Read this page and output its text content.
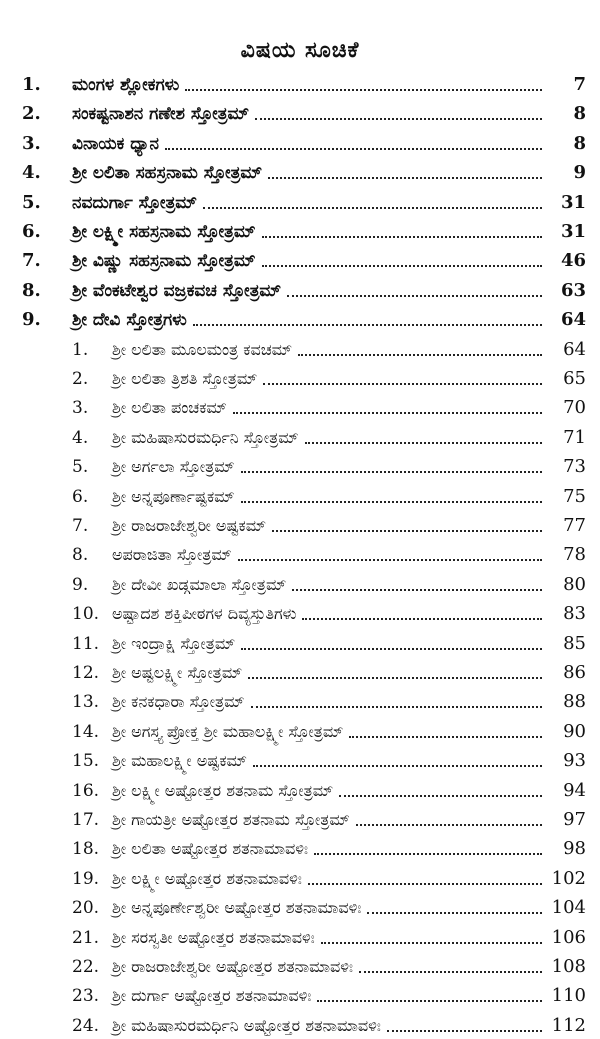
ವಿಷಯ ಸೂಚಿಕೆ
1. ಮಂಗಳ ಶ್ಲೋಕಗಳು	7
2. ಸಂಕಷ್ಟನಾಶನ ಗಣೇಶ ಸ್ತೋತ್ರಮ್	8
3. ವಿನಾಯಕ ಧ್ಯಾನ	8
4. ಶ್ರೀ ಲಲಿತಾ ಸಹಸ್ರನಾಮ ಸ್ತೋತ್ರಮ್	9
5. ನವದುರ್ಗಾ ಸ್ತೋತ್ರಮ್	31
6. ಶ್ರೀ ಲಕ್ಷ್ಮೀ ಸಹಸ್ರನಾಮ ಸ್ತೋತ್ರಮ್	31
7. ಶ್ರೀ ವಿಷ್ಣು ಸಹಸ್ರನಾಮ ಸ್ತೋತ್ರಮ್	46
8. ಶ್ರೀ ವೆಂಕಟೇಶ್ವರ ವಜ್ರಕವಚ ಸ್ತೋತ್ರಮ್	63
9. ಶ್ರೀ ದೇವಿ ಸ್ತೋತ್ರಗಳು	64
1. ಶ್ರೀ ಲಲಿತಾ ಮೂಲಮಂತ್ರ ಕವಚಮ್	64
2. ಶ್ರೀ ಲಲಿತಾ ತ್ರಿಶತಿ ಸ್ತೋತ್ರಮ್	65
3. ಶ್ರೀ ಲಲಿತಾ ಪಂಚಕಮ್	70
4. ಶ್ರೀ ಮಹಿಷಾಸುರಮರ್ಧಿನಿ ಸ್ತೋತ್ರಮ್	71
5. ಶ್ರೀ ಅರ್ಗಲಾ ಸ್ತೋತ್ರಮ್	73
6. ಶ್ರೀ ಅನ್ನಪೂರ್ಣಾಷ್ಟಕಮ್	75
7. ಶ್ರೀ ರಾಜರಾಜೇಶ್ವರೀ ಅಷ್ಟಕಮ್	77
8. ಅಪರಾಜಿತಾ ಸ್ತೋತ್ರಮ್	78
9. ಶ್ರೀ ದೇವೀ ಖಡ್ಗಮಾಲಾ ಸ್ತೋತ್ರಮ್	80
10. ಅಷ್ಟಾದಶ ಶಕ್ತಿಪೀಠಗಳ ದಿವ್ಯಸ್ತುತಿಗಳು	83
11. ಶ್ರೀ ಇಂದ್ರಾಕ್ಷಿ ಸ್ತೋತ್ರಮ್	85
12. ಶ್ರೀ ಅಷ್ಟಲಕ್ಷ್ಮೀ ಸ್ತೋತ್ರಮ್	86
13. ಶ್ರೀ ಕನಕಧಾರಾ ಸ್ತೋತ್ರಮ್	88
14. ಶ್ರೀ ಅಗಸ್ತ್ಯ ಪ್ರೋಕ್ತ ಶ್ರೀ ಮಹಾಲಕ್ಷ್ಮೀ ಸ್ತೋತ್ರಮ್	90
15. ಶ್ರೀ ಮಹಾಲಕ್ಷ್ಮೀ ಅಷ್ಟಕಮ್	93
16. ಶ್ರೀ ಲಕ್ಷ್ಮೀ ಅಷ್ಟೋತ್ತರ ಶತನಾಮ ಸ್ತೋತ್ರಮ್	94
17. ಶ್ರೀ ಗಾಯತ್ರೀ ಅಷ್ಟೋತ್ತರ ಶತನಾಮ ಸ್ತೋತ್ರಮ್	97
18. ಶ್ರೀ ಲಲಿತಾ ಅಷ್ಟೋತ್ತರ ಶತನಾಮಾವಳಿಃ	98
19. ಶ್ರೀ ಲಕ್ಷ್ಮೀ ಅಷ್ಟೋತ್ತರ ಶತನಾಮಾವಳಿಃ	102
20. ಶ್ರೀ ಅನ್ನಪೂರ್ಣೇಶ್ವರೀ ಅಷ್ಟೋತ್ತರ ಶತನಾಮಾವಳಿಃ	104
21. ಶ್ರೀ ಸರಸ್ವತೀ ಅಷ್ಟೋತ್ತರ ಶತನಾಮಾವಳಿಃ	106
22. ಶ್ರೀ ರಾಜರಾಜೇಶ್ವರೀ ಅಷ್ಟೋತ್ತರ ಶತನಾಮಾವಳಿಃ	108
23. ಶ್ರೀ ದುರ್ಗಾ ಅಷ್ಟೋತ್ತರ ಶತನಾಮಾವಳಿಃ	110
24. ಶ್ರೀ ಮಹಿಷಾಸುರಮರ್ಧಿನಿ ಅಷ್ಟೋತ್ತರ ಶತನಾಮಾವಳಿಃ	112
